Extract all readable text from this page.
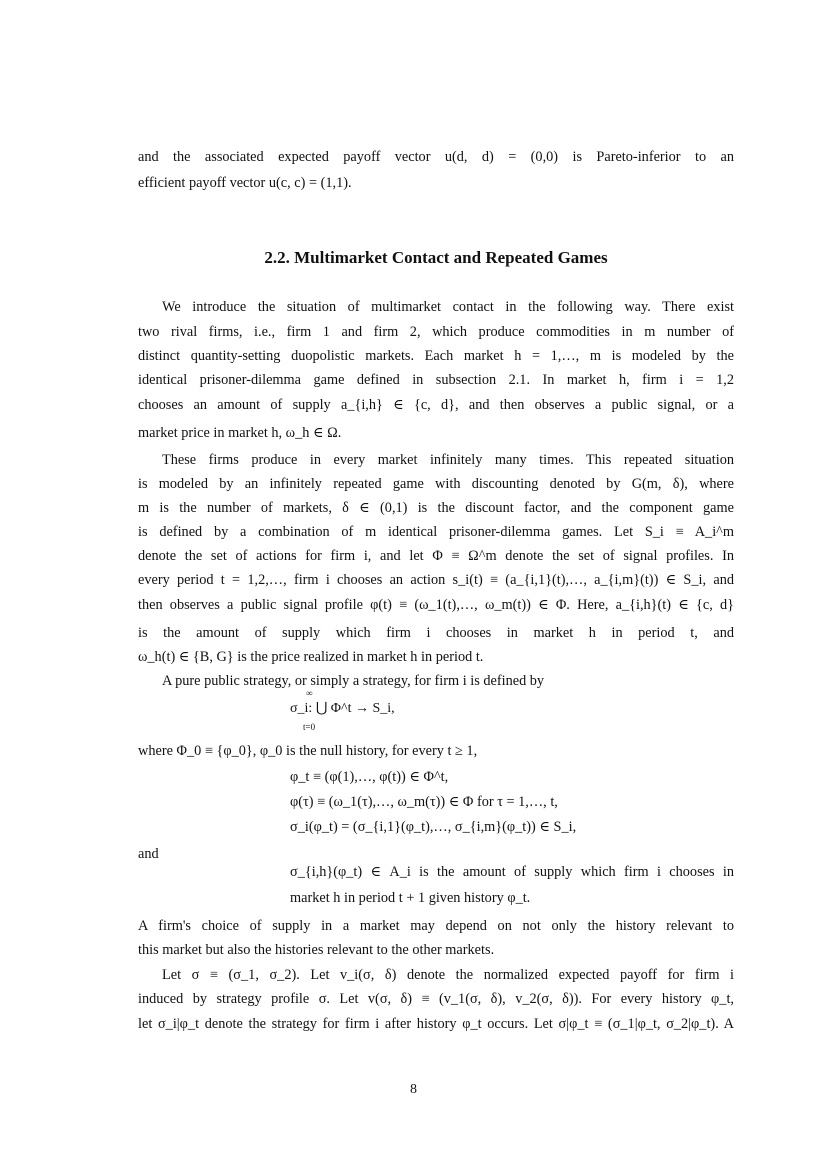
and the associated expected payoff vector u(d, d) = (0,0) is Pareto-inferior to an
efficient payoff vector u(c, c) = (1,1).
2.2. Multimarket Contact and Repeated Games
We introduce the situation of multimarket contact in the following way. There exist
two rival firms, i.e., firm 1 and firm 2, which produce commodities in m number of
distinct quantity-setting duopolistic markets. Each market h = 1,…, m is modeled by the
identical prisoner-dilemma game defined in subsection 2.1. In market h, firm i = 1,2
chooses an amount of supply a_{i,h} ∈ {c, d}, and then observes a public signal, or a
market price in market h, ω_h ∈ Ω.
These firms produce in every market infinitely many times. This repeated situation
is modeled by an infinitely repeated game with discounting denoted by G(m, δ), where
m is the number of markets, δ ∈ (0,1) is the discount factor, and the component game
is defined by a combination of m identical prisoner-dilemma games. Let S_i ≡ A_i^m
denote the set of actions for firm i, and let Φ ≡ Ω^m denote the set of signal profiles. In
every period t = 1,2,…, firm i chooses an action s_i(t) ≡ (a_{i,1}(t),…, a_{i,m}(t)) ∈ S_i, and
then observes a public signal profile φ(t) ≡ (ω_1(t),…, ω_m(t)) ∈ Φ. Here, a_{i,h}(t) ∈ {c, d}
is the amount of supply which firm i chooses in market h in period t, and
ω_h(t) ∈ {B, G} is the price realized in market h in period t.
A pure public strategy, or simply a strategy, for firm i is defined by
∞
σ_i: ⋃ Φ^t → S_i,
t=0
where Φ_0 ≡ {φ_0}, φ_0 is the null history, for every t ≥ 1,
φ_t ≡ (φ(1),…, φ(t)) ∈ Φ^t,
φ(τ) ≡ (ω_1(τ),…, ω_m(τ)) ∈ Φ for τ = 1,…, t,
σ_i(φ_t) = (σ_{i,1}(φ_t),…, σ_{i,m}(φ_t)) ∈ S_i,
and
σ_{i,h}(φ_t) ∈ A_i is the amount of supply which firm i chooses in
market h in period t + 1 given history φ_t.
A firm's choice of supply in a market may depend on not only the history relevant to
this market but also the histories relevant to the other markets.
Let σ ≡ (σ_1, σ_2). Let v_i(σ, δ) denote the normalized expected payoff for firm i
induced by strategy profile σ. Let v(σ, δ) ≡ (v_1(σ, δ), v_2(σ, δ)). For every history φ_t,
let σ_i|φ_t denote the strategy for firm i after history φ_t occurs. Let σ|φ_t ≡ (σ_1|φ_t, σ_2|φ_t). A
8
